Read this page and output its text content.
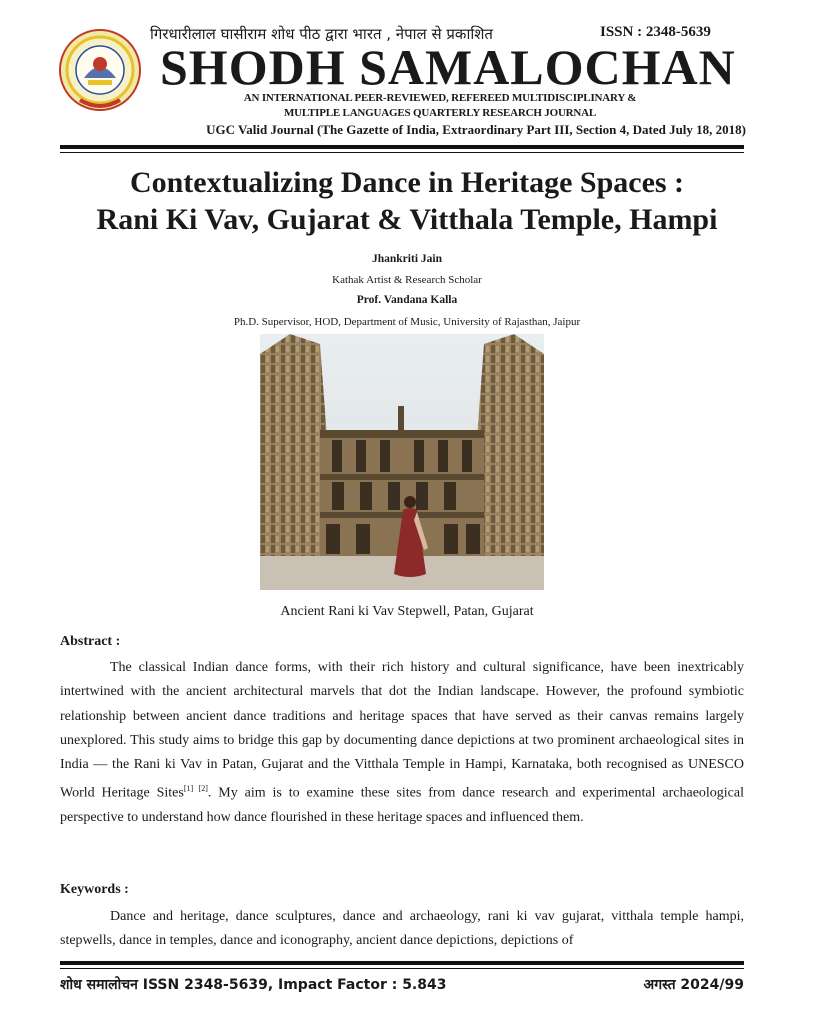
गिरधारीलाल घासीराम शोध पीठ द्वारा भारत , नेपाल से प्रकाशित	ISSN : 2348-5639
SHODH SAMALOCHAN
AN INTERNATIONAL PEER-REVIEWED, REFEREED MULTIDISCIPLINARY &
MULTIPLE LANGUAGES QUARTERLY RESEARCH JOURNAL
UGC Valid Journal (The Gazette of India, Extraordinary Part III, Section 4, Dated July 18, 2018)
Contextualizing Dance in Heritage Spaces :
Rani Ki Vav, Gujarat & Vitthala Temple, Hampi
Jhankriti Jain
Kathak Artist & Research Scholar
Prof. Vandana Kalla
Ph.D. Supervisor, HOD, Department of Music, University of Rajasthan, Jaipur
Ancient Rani ki Vav Stepwell, Patan, Gujarat
Abstract :
The classical Indian dance forms, with their rich history and cultural significance, have been inextricably intertwined with the ancient architectural marvels that dot the Indian landscape. However, the profound symbiotic relationship between ancient dance traditions and heritage spaces that have served as their canvas remains largely unexplored. This study aims to bridge this gap by documenting dance depictions at two prominent archaeological sites in India — the Rani ki Vav in Patan, Gujarat and the Vitthala Temple in Hampi, Karnataka, both recognised as UNESCO World Heritage Sites[1] [2]. My aim is to examine these sites from dance research and experimental archaeological perspective to understand how dance flourished in these heritage spaces and influenced them.
Keywords :
Dance and heritage, dance sculptures, dance and archaeology, rani ki vav gujarat, vitthala temple hampi, stepwells, dance in temples, dance and iconography, ancient dance depictions, depictions of
शोध समालोचन ISSN 2348-5639, Impact Factor : 5.843	अगस्त 2024/99
